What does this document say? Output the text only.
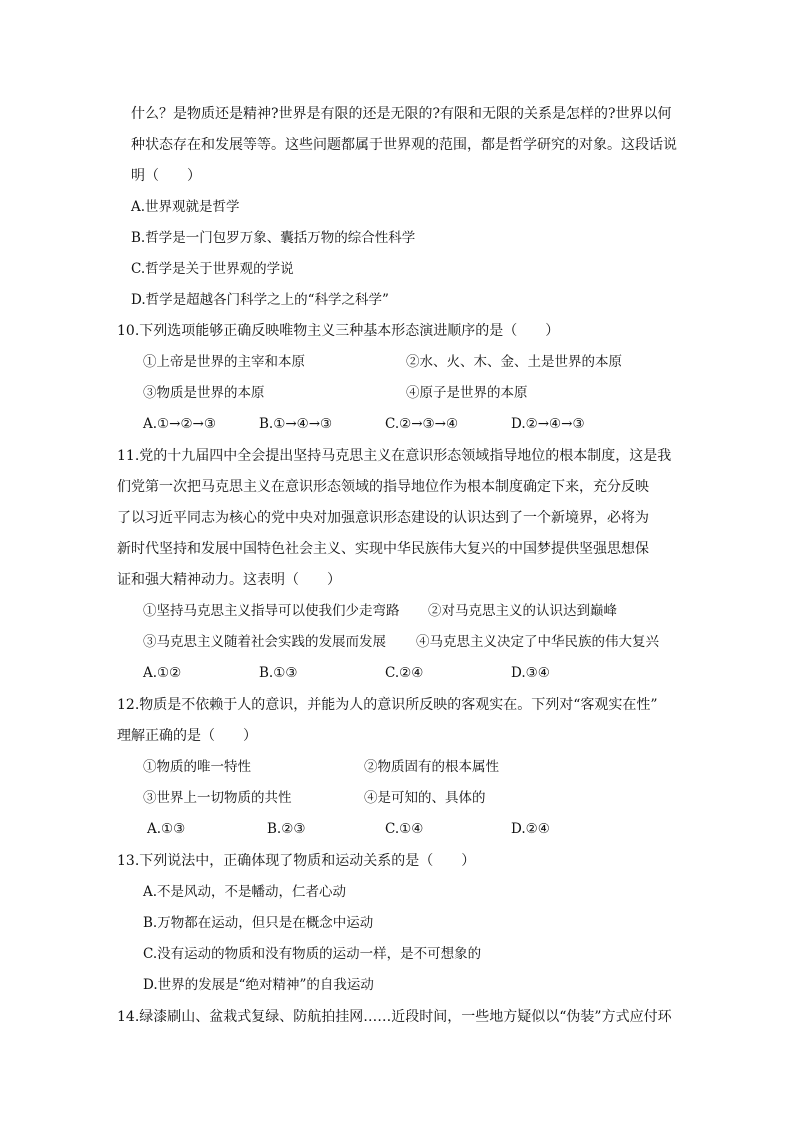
什么？是物质还是精神?世界是有限的还是无限的?有限和无限的关系是怎样的?世界以何
种状态存在和发展等等。这些问题都属于世界观的范围，都是哲学研究的对象。这段话说
明（　　）
A.世界观就是哲学
B.哲学是一门包罗万象、囊括万物的综合性科学
C.哲学是关于世界观的学说
D.哲学是超越各门科学之上的“科学之科学”
10.下列选项能够正确反映唯物主义三种基本形态演进顺序的是（　　）
①上帝是世界的主宰和本原	②水、火、木、金、土是世界的本原
③物质是世界的本原	④原子是世界的本原
A.①→②→③	B.①→④→③	C.②→③→④	D.②→④→③
11.党的十九届四中全会提出坚持马克思主义在意识形态领域指导地位的根本制度，这是我
们党第一次把马克思主义在意识形态领域的指导地位作为根本制度确定下来，充分反映
了以习近平同志为核心的党中央对加强意识形态建设的认识达到了一个新境界，必将为
新时代坚持和发展中国特色社会主义、实现中华民族伟大复兴的中国梦提供坚强思想保
证和强大精神动力。这表明（　　）
①坚持马克思主义指导可以使我们少走弯路 ②对马克思主义的认识达到巅峰
③马克思主义随着社会实践的发展而发展 ④马克思主义决定了中华民族的伟大复兴
A.①②	B.①③	C.②④	D.③④
12.物质是不依赖于人的意识，并能为人的意识所反映的客观实在。下列对“客观实在性”
理解正确的是（　　）
①物质的唯一特性	②物质固有的根本属性
③世界上一切物质的共性	④是可知的、具体的
A.①③	B.②③	C.①④	D.②④
13.下列说法中，正确体现了物质和运动关系的是（　　）
A.不是风动，不是幡动，仁者心动
B.万物都在运动，但只是在概念中运动
C.没有运动的物质和没有物质的运动一样，是不可想象的
D.世界的发展是“绝对精神”的自我运动
14.绿漆刷山、盆栽式复绿、防航拍挂网……近段时间，一些地方疑似以“伪装”方式应付环
